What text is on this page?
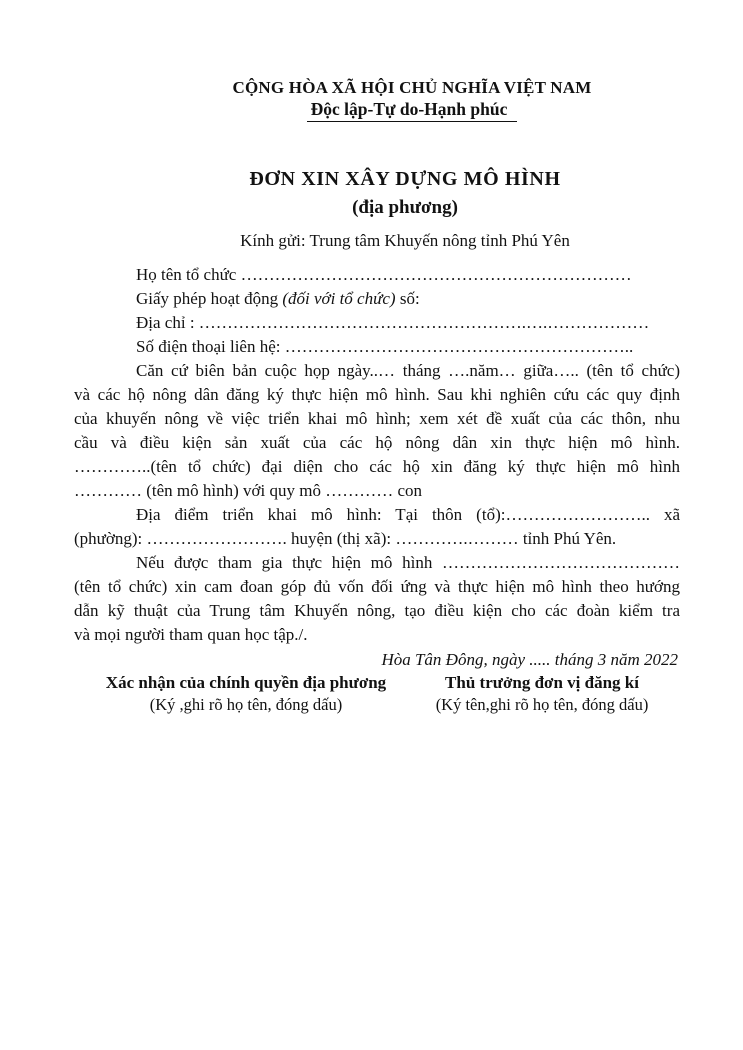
CỘNG HÒA XÃ HỘI CHỦ NGHĨA VIỆT NAM
Độc lập-Tự do-Hạnh phúc
ĐƠN XIN XÂY DỰNG MÔ HÌNH
(địa phương)
Kính gửi: Trung tâm Khuyến nông tỉnh Phú Yên
Họ tên tổ chức ……………………………………………………………
Giấy phép hoạt động (đối với tổ chức) số:
Địa chỉ : ………………………………………………….….………………
Số điện thoại liên hệ: ……………………………………………………..
Căn cứ biên bản cuộc họp ngày..… tháng ….năm… giữa….. (tên tổ chức)
và các hộ nông dân đăng ký thực hiện mô hình. Sau khi nghiên cứu các quy định
của khuyến nông về việc triển khai mô hình; xem xét đề xuất của các thôn, nhu
cầu và điều kiện sản xuất của các hộ nông dân xin thực hiện mô hình.
…………..(tên tổ chức) đại diện cho các hộ xin đăng ký thực hiện mô hình
………… (tên mô hình) với quy mô ………… con
Địa điểm triển khai mô hình: Tại thôn (tổ):…………………….. xã
(phường): ……………………. huyện (thị xã): ………….……… tỉnh Phú Yên.
Nếu được tham gia thực hiện mô hình ……………………………………
(tên tổ chức) xin cam đoan góp đủ vốn đối ứng và thực hiện mô hình theo hướng
dẫn kỹ thuật của Trung tâm Khuyến nông, tạo điều kiện cho các đoàn kiểm tra
và mọi người tham quan học tập./.
Hòa Tân Đông, ngày ..... tháng 3 năm 2022
Xác nhận của chính quyền địa phương
(Ký ,ghi rõ họ tên, đóng dấu)
Thủ trưởng đơn vị đăng kí
(Ký tên,ghi rõ họ tên, đóng dấu)
